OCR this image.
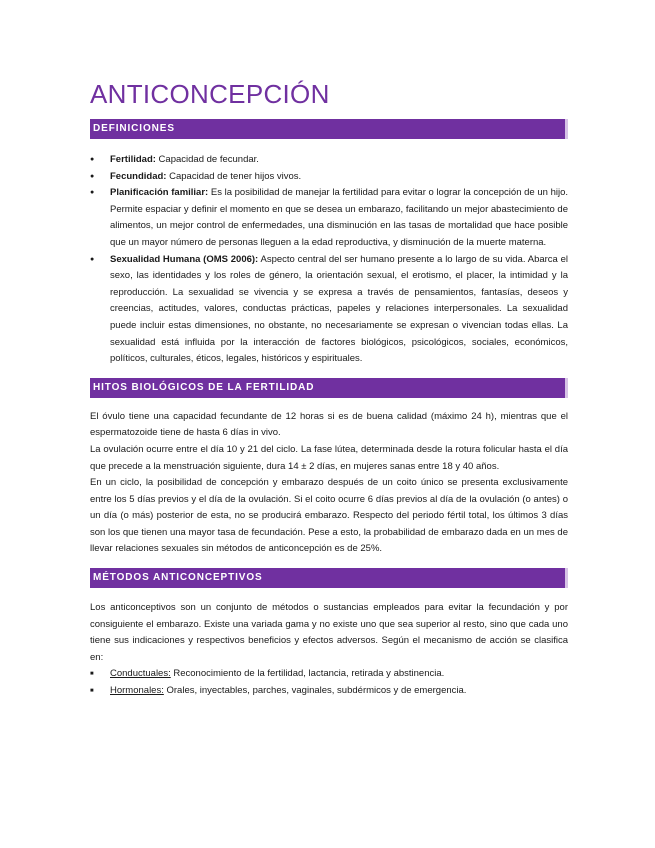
ANTICONCEPCIÓN
DEFINICIONES
● Fertilidad: Capacidad de fecundar.
● Fecundidad: Capacidad de tener hijos vivos.
● Planificación familiar: Es la posibilidad de manejar la fertilidad para evitar o lograr la concepción de un hijo. Permite espaciar y definir el momento en que se desea un embarazo, facilitando un mejor abastecimiento de alimentos, un mejor control de enfermedades, una disminución en las tasas de mortalidad que hace posible que un mayor número de personas lleguen a la edad reproductiva, y disminución de la muerte materna.
● Sexualidad Humana (OMS 2006): Aspecto central del ser humano presente a lo largo de su vida. Abarca el sexo, las identidades y los roles de género, la orientación sexual, el erotismo, el placer, la intimidad y la reproducción. La sexualidad se vivencia y se expresa a través de pensamientos, fantasías, deseos y creencias, actitudes, valores, conductas prácticas, papeles y relaciones interpersonales. La sexualidad puede incluir estas dimensiones, no obstante, no necesariamente se expresan o vivencian todas ellas. La sexualidad está influida por la interacción de factores biológicos, psicológicos, sociales, económicos, políticos, culturales, éticos, legales, históricos y espirituales.
HITOS BIOLÓGICOS DE LA FERTILIDAD

El óvulo tiene una capacidad fecundante de 12 horas si es de buena calidad (máximo 24 h), mientras que el espermatozoide tiene de hasta 6 días in vivo.

La ovulación ocurre entre el día 10 y 21 del ciclo. La fase lútea, determinada desde la rotura folicular hasta el día que precede a la menstruación siguiente, dura 14 ± 2 días, en mujeres sanas entre 18 y 40 años.

En un ciclo, la posibilidad de concepción y embarazo después de un coito único se presenta exclusivamente entre los 5 días previos y el día de la ovulación. Si el coito ocurre 6 días previos al día de la ovulación (o antes) o un día (o más) posterior de esta, no se producirá embarazo. Respecto del periodo fértil total, los últimos 3 días son los que tienen una mayor tasa de fecundación. Pese a esto, la probabilidad de embarazo dada en un mes de llevar relaciones sexuales sin métodos de anticoncepción es de 25%.

MÉTODOS ANTICONCEPTIVOS

Los anticonceptivos son un conjunto de métodos o sustancias empleados para evitar la fecundación y por consiguiente el embarazo. Existe una variada gama y no existe uno que sea superior al resto, sino que cada uno tiene sus indicaciones y respectivos beneficios y efectos adversos. Según el mecanismo de acción se clasifica en:

■ Conductuales: Reconocimiento de la fertilidad, lactancia, retirada y abstinencia.
■ Hormonales: Orales, inyectables, parches, vaginales, subdérmicos y de emergencia.
